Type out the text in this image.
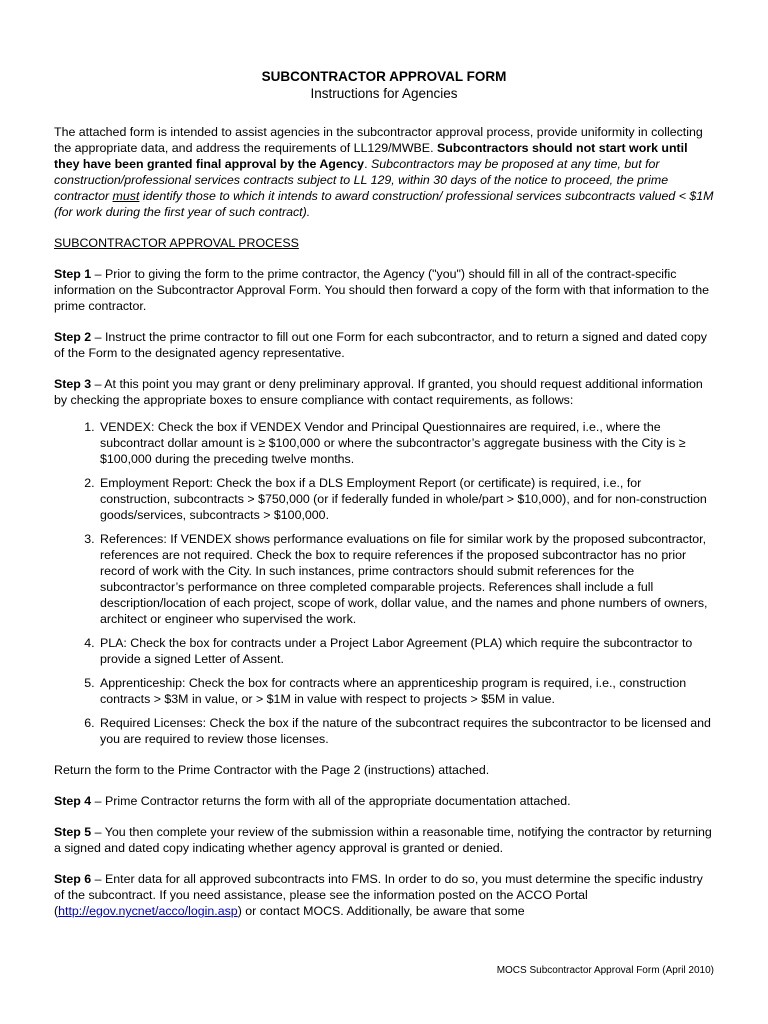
SUBCONTRACTOR APPROVAL FORM
Instructions for Agencies

The attached form is intended to assist agencies in the subcontractor approval process, provide uniformity in collecting the appropriate data, and address the requirements of LL129/MWBE. Subcontractors should not start work until they have been granted final approval by the Agency. Subcontractors may be proposed at any time, but for construction/professional services contracts subject to LL 129, within 30 days of the notice to proceed, the prime contractor must identify those to which it intends to award construction/ professional services subcontracts valued < $1M (for work during the first year of such contract).

SUBCONTRACTOR APPROVAL PROCESS

Step 1 – Prior to giving the form to the prime contractor, the Agency ("you") should fill in all of the contract-specific information on the Subcontractor Approval Form. You should then forward a copy of the form with that information to the prime contractor.

Step 2 – Instruct the prime contractor to fill out one Form for each subcontractor, and to return a signed and dated copy of the Form to the designated agency representative.

Step 3 – At this point you may grant or deny preliminary approval. If granted, you should request additional information by checking the appropriate boxes to ensure compliance with contact requirements, as follows:

1. VENDEX: Check the box if VENDEX Vendor and Principal Questionnaires are required, i.e., where the subcontract dollar amount is ≥ $100,000 or where the subcontractor’s aggregate business with the City is ≥ $100,000 during the preceding twelve months.
2. Employment Report: Check the box if a DLS Employment Report (or certificate) is required, i.e., for construction, subcontracts > $750,000 (or if federally funded in whole/part > $10,000), and for non-construction goods/services, subcontracts > $100,000.
3. References: If VENDEX shows performance evaluations on file for similar work by the proposed subcontractor, references are not required. Check the box to require references if the proposed subcontractor has no prior record of work with the City. In such instances, prime contractors should submit references for the subcontractor’s performance on three completed comparable projects. References shall include a full description/location of each project, scope of work, dollar value, and the names and phone numbers of owners, architect or engineer who supervised the work.
4. PLA: Check the box for contracts under a Project Labor Agreement (PLA) which require the subcontractor to provide a signed Letter of Assent.
5. Apprenticeship: Check the box for contracts where an apprenticeship program is required, i.e., construction contracts > $3M in value, or > $1M in value with respect to projects > $5M in value.
6. Required Licenses: Check the box if the nature of the subcontract requires the subcontractor to be licensed and you are required to review those licenses.

Return the form to the Prime Contractor with the Page 2 (instructions) attached.

Step 4 – Prime Contractor returns the form with all of the appropriate documentation attached.

Step 5 – You then complete your review of the submission within a reasonable time, notifying the contractor by returning a signed and dated copy indicating whether agency approval is granted or denied.

Step 6 – Enter data for all approved subcontracts into FMS. In order to do so, you must determine the specific industry of the subcontract. If you need assistance, please see the information posted on the ACCO Portal (http://egov.nycnet/acco/login.asp) or contact MOCS. Additionally, be aware that some

MOCS Subcontractor Approval Form (April 2010)
